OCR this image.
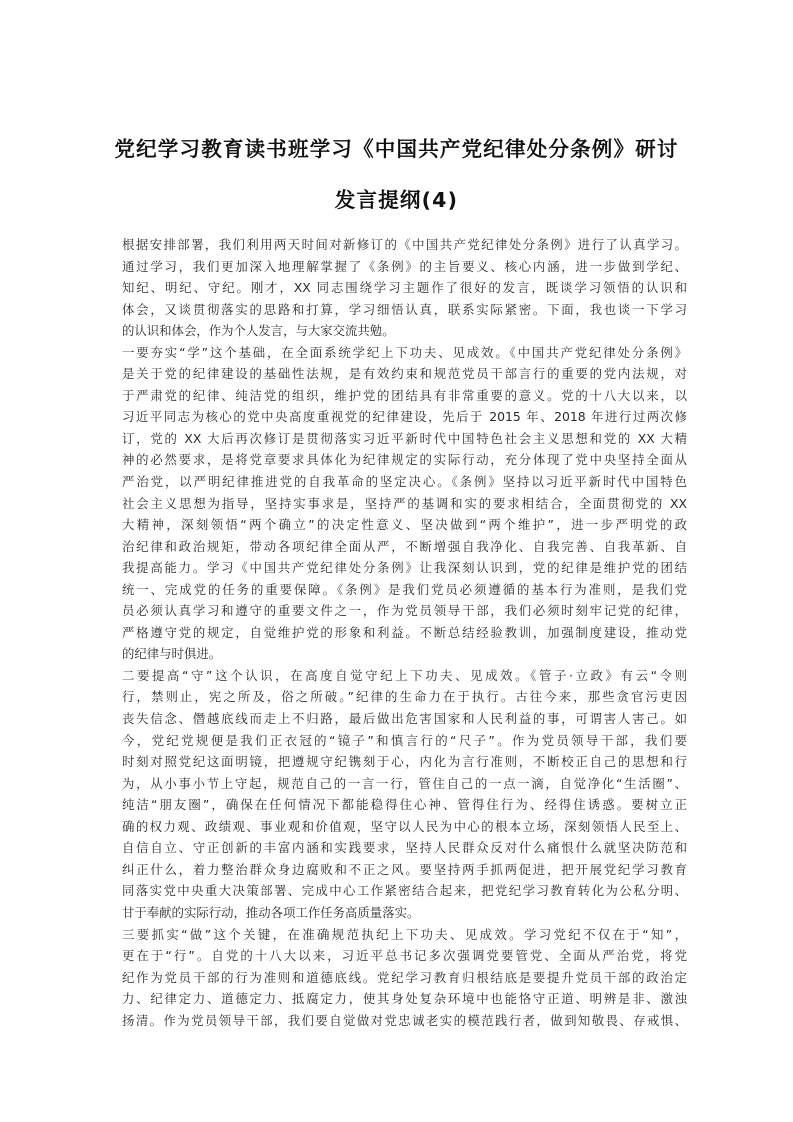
党纪学习教育读书班学习《中国共产党纪律处分条例》研讨
发言提纲(4)
根据安排部署，我们利用两天时间对新修订的《中国共产党纪律处分条例》进行了认真学习。
通过学习，我们更加深入地理解掌握了《条例》的主旨要义、核心内涵，进一步做到学纪、
知纪、明纪、守纪。刚才，XX 同志围绕学习主题作了很好的发言，既谈学习领悟的认识和
体会，又谈贯彻落实的思路和打算，学习细悟认真，联系实际紧密。下面，我也谈一下学习
的认识和体会，作为个人发言，与大家交流共勉。
一要夯实“学”这个基础，在全面系统学纪上下功夫、见成效。《中国共产党纪律处分条例》
是关于党的纪律建设的基础性法规，是有效约束和规范党员干部言行的重要的党内法规，对
于严肃党的纪律、纯洁党的组织，维护党的团结具有非常重要的意义。党的十八大以来，以
习近平同志为核心的党中央高度重视党的纪律建设，先后于 2015 年、2018 年进行过两次修
订，党的 XX 大后再次修订是贯彻落实习近平新时代中国特色社会主义思想和党的 XX 大精
神的必然要求，是将党章要求具体化为纪律规定的实际行动，充分体现了党中央坚持全面从
严治党，以严明纪律推进党的自我革命的坚定决心。《条例》坚持以习近平新时代中国特色
社会主义思想为指导，坚持实事求是，坚持严的基调和实的要求相结合，全面贯彻党的 XX
大精神，深刻领悟“两个确立”的决定性意义、坚决做到“两个维护”，进一步严明党的政
治纪律和政治规矩，带动各项纪律全面从严，不断增强自我净化、自我完善、自我革新、自
我提高能力。学习《中国共产党纪律处分条例》让我深刻认识到，党的纪律是维护党的团结
统一、完成党的任务的重要保障。《条例》是我们党员必须遵循的基本行为准则，是我们党
员必须认真学习和遵守的重要文件之一，作为党员领导干部，我们必须时刻牢记党的纪律，
严格遵守党的规定，自觉维护党的形象和利益。不断总结经验教训，加强制度建设，推动党
的纪律与时俱进。
二要提高“守”这个认识，在高度自觉守纪上下功夫、见成效。《管子·立政》有云“令则
行，禁则止，宪之所及，俗之所破。”纪律的生命力在于执行。古往今来，那些贪官污吏因
丧失信念、僭越底线而走上不归路，最后做出危害国家和人民利益的事，可谓害人害己。如
今，党纪党规便是我们正衣冠的“镜子”和慎言行的“尺子”。作为党员领导干部，我们要
时刻对照党纪这面明镜，把遵规守纪镌刻于心，内化为言行准则，不断校正自己的思想和行
为，从小事小节上守起，规范自己的一言一行，管住自己的一点一滴，自觉净化“生活圈”、
纯洁“朋友圈”，确保在任何情况下都能稳得住心神、管得住行为、经得住诱惑。要树立正
确的权力观、政绩观、事业观和价值观，坚守以人民为中心的根本立场，深刻领悟人民至上、
自信自立、守正创新的丰富内涵和实践要求，坚持人民群众反对什么痛恨什么就坚决防范和
纠正什么，着力整治群众身边腐败和不正之风。要坚持两手抓两促进，把开展党纪学习教育
同落实党中央重大决策部署、完成中心工作紧密结合起来，把党纪学习教育转化为公私分明、
甘于奉献的实际行动，推动各项工作任务高质量落实。
三要抓实“做”这个关键，在准确规范执纪上下功夫、见成效。学习党纪不仅在于“知”，
更在于“行”。自党的十八大以来，习近平总书记多次强调党要管党、全面从严治党，将党
纪作为党员干部的行为准则和道德底线。党纪学习教育归根结底是要提升党员干部的政治定
力、纪律定力、道德定力、抵腐定力，使其身处复杂环境中也能恪守正道、明辨是非、激浊
扬清。作为党员领导干部，我们要自觉做对党忠诚老实的模范践行者，做到知敬畏、存戒惧、
